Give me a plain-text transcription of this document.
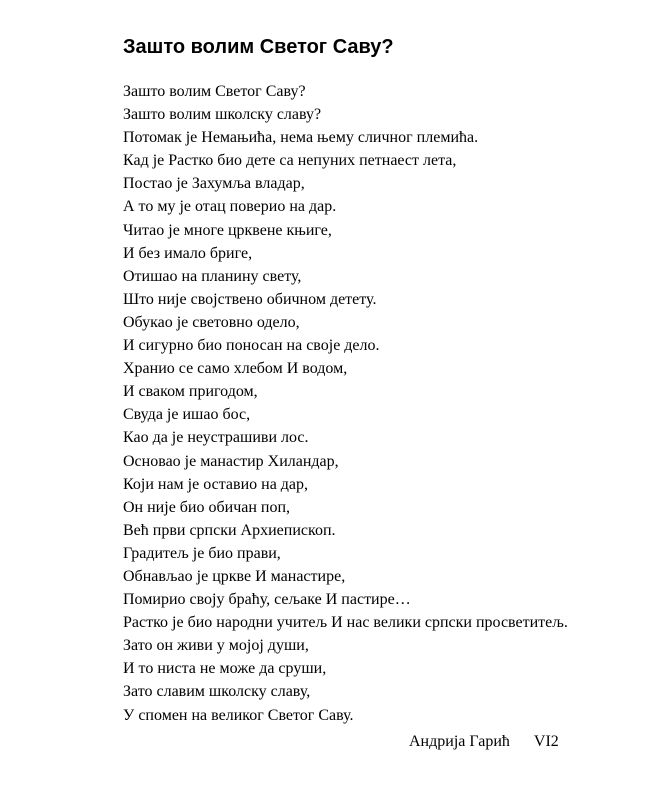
Зашто волим Светог Саву?
Зашто волим Светог Саву?
Зашто волим школску славу?
Потомак је Немањића, нема њему сличног племића.
Кад је Растко био дете са непуних петнаест лета,
Постао је Захумља владар,
А то му је отац поверио на дар.
Читао је многе црквене књиге,
И без имало бриге,
Отишао на планину свету,
Што није својствено обичном детету.
Обукао је световно одело,
И сигурно био поносан на своје дело.
Хранио се само хлебом И водом,
И сваком пригодом,
Свуда је ишао бос,
Као да је неустрашиви лос.
Основао је манастир Хиландар,
Који нам је оставио на дар,
Он није био обичан поп,
Већ први српски Архиепископ.
Градитељ је био прави,
Обнављао је цркве И манастире,
Помирио своју браћу, сељаке И пастире…
Растко је био народни учитељ И нас велики српски просветитељ.
Зато он живи у мојој души,
И то ниста не може да сруши,
Зато славим школску славу,
У спомен на великог Светог Саву.
Андрија Гарић VI2
